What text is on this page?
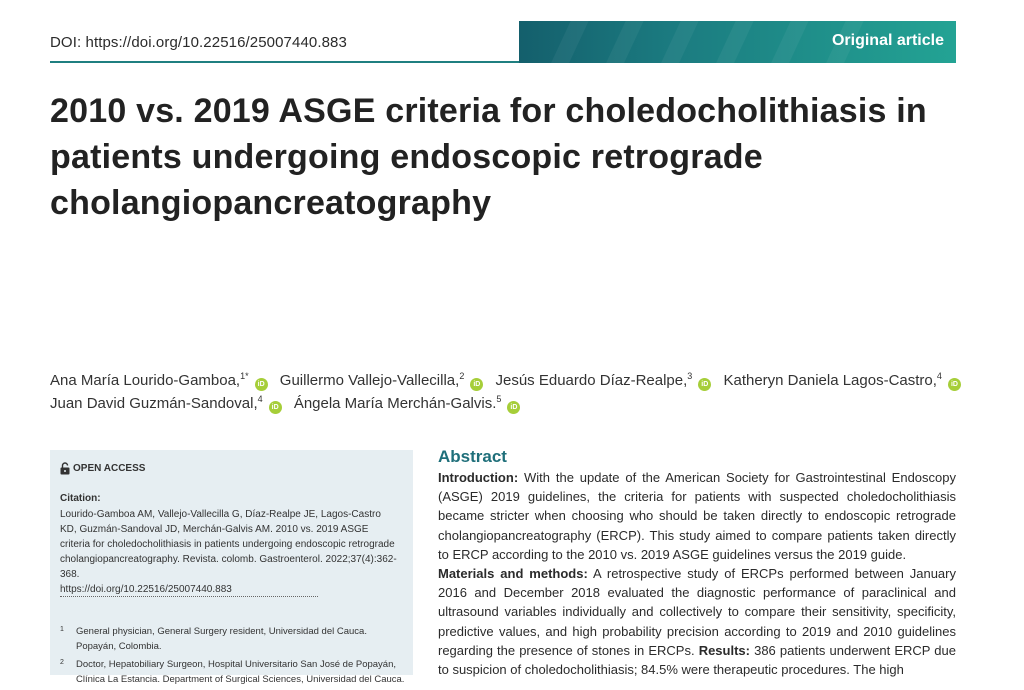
DOI: https://doi.org/10.22516/25007440.883	Original article
2010 vs. 2019 ASGE criteria for choledocholithiasis in patients undergoing endoscopic retrograde cholangiopancreatography
Ana María Lourido-Gamboa,$^{1*}$iD Guillermo Vallejo-Vallecilla,$^2$iD Jesús Eduardo Díaz-Realpe,$^3$iD Katheryn Daniela Lagos-Castro,$^4$iD
Juan David Guzmán-Sandoval,$^4$iD Ángela María Merchán-Galvis.$^5$iD
OPEN ACCESS
Citation:
Lourido-Gamboa AM, Vallejo-Vallecilla G, Díaz-Realpe JE, Lagos-Castro
KD, Guzmán-Sandoval JD, Merchán-Galvis AM. 2010 vs. 2019 ASGE
criteria for choledocholithiasis in patients undergoing endoscopic retrograde
cholangiopancreatography. Revista. colomb. Gastroenterol. 2022;37(4):362-368.
https://doi.org/10.22516/25007440.883
1 General physician, General Surgery resident, Universidad del Cauca. Popayán, Colombia.
2 Doctor, Hepatobiliary Surgeon, Hospital Universitario San José de Popayán, Clínica La Estancia. Department of Surgical Sciences, Universidad del Cauca.
Abstract

Introduction: With the update of the American Society for Gastrointestinal Endoscopy (ASGE) 2019 guidelines, the criteria for patients with suspected choledocholithiasis became stricter when choosing who should be taken directly to endoscopic retrograde cholangiopancreatography (ERCP). This study aimed to compare patients taken directly to ERCP according to the 2010 vs. 2019 ASGE guidelines versus the 2019 guide.
Materials and methods: A retrospective study of ERCPs performed between January 2016 and December 2018 evaluated the diagnostic performance of paraclinical and ultrasound variables individually and collectively to compare their sensitivity, specificity, predictive values, and high probability precision according to 2019 and 2010 guidelines regarding the presence of stones in ERCPs. Results: 386 patients underwent ERCP due to suspicion of choledocholithiasis; 84.5% were therapeutic procedures. The high
